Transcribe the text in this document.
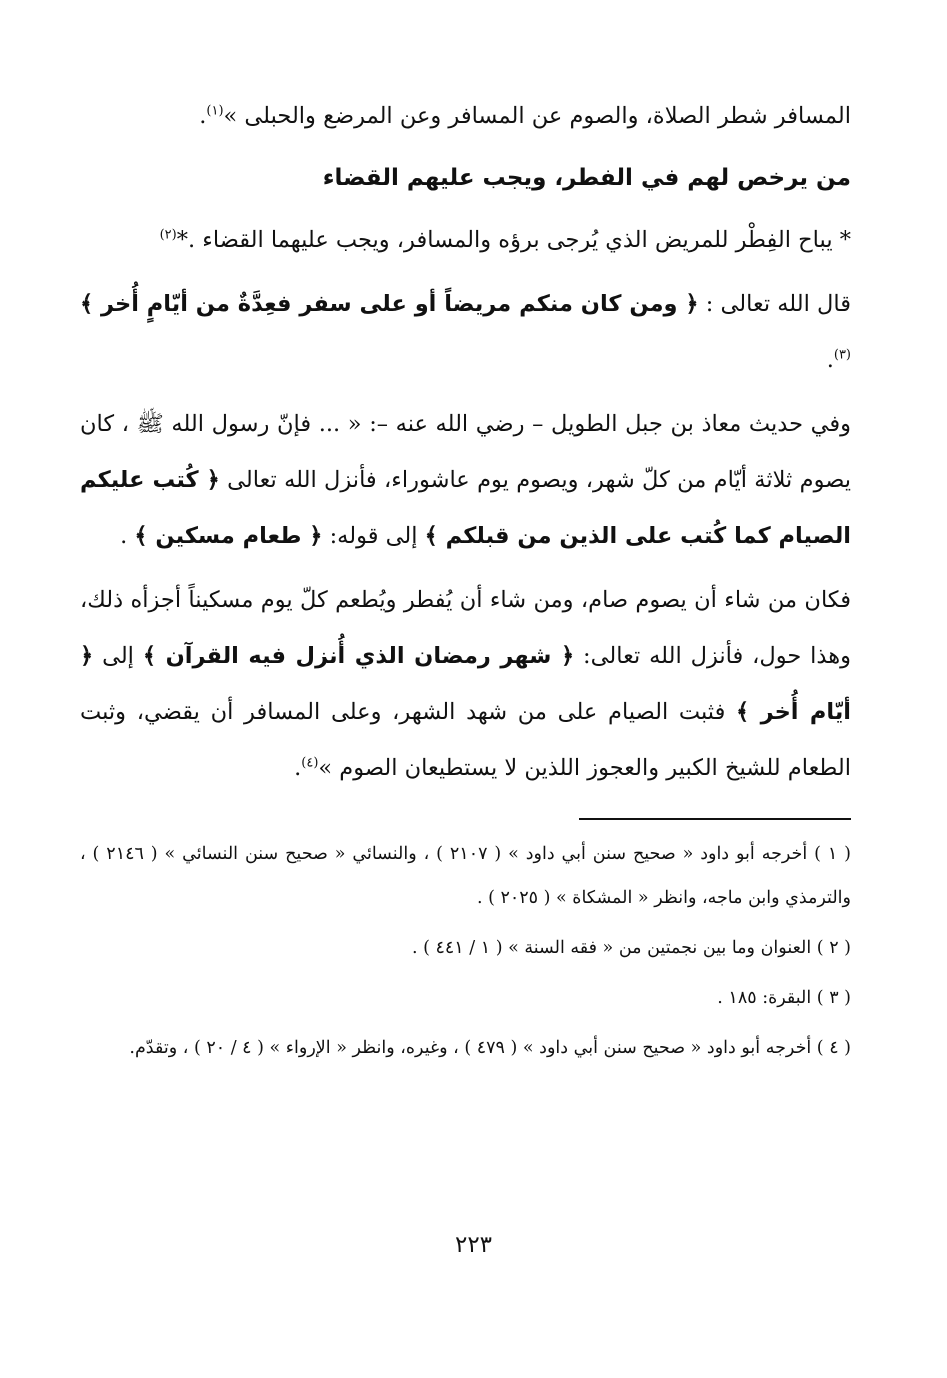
المسافر شطر الصلاة، والصوم عن المسافر وعن المرضع والحبلى »$^{(١)}$.

من يرخص لهم في الفطر، ويجب عليهم القضاء

* يباح الفِطْر للمريض الذي يُرجى برؤه والمسافر، ويجب عليهما القضاء .*$^{(٢)}$

قال الله تعالى : ﴿ ومن كان منكم مريضاً أو على سفر فعِدَّةٌ من أيّامٍ أُخر ﴾$^{(٣)}$.

وفي حديث معاذ بن جبل الطويل – رضي الله عنه –: « ... فإنّ رسول الله ﷺ ، كان يصوم ثلاثة أيّام من كلّ شهر، ويصوم يوم عاشوراء، فأنزل الله تعالى ﴿ كُتب عليكم الصيام كما كُتب على الذين من قبلكم ﴾ إلى قوله: ﴿ طعام مسكين ﴾ .

فكان من شاء أن يصوم صام، ومن شاء أن يُفطر ويُطعم كلّ يوم مسكيناً أجزأه ذلك، وهذا حول، فأنزل الله تعالى: ﴿ شهر رمضان الذي أُنزل فيه القرآن ﴾ إلى ﴿ أيّام أُخر ﴾ فثبت الصيام على من شهد الشهر، وعلى المسافر أن يقضي، وثبت الطعام للشيخ الكبير والعجوز اللذين لا يستطيعان الصوم »$^{(٤)}$.

( ١ ) أخرجه أبو داود « صحيح سنن أبي داود » ( ٢١٠٧ ) ، والنسائي « صحيح سنن النسائي » ( ٢١٤٦ ) ، والترمذي وابن ماجه، وانظر « المشكاة » ( ٢٠٢٥ ) .

( ٢ ) العنوان وما بين نجمتين من « فقه السنة » ( ١ / ٤٤١ ) .

( ٣ ) البقرة: ١٨٥ .

( ٤ ) أخرجه أبو داود « صحيح سنن أبي داود » ( ٤٧٩ ) ، وغيره، وانظر « الإرواء » ( ٤ / ٢٠ ) ، وتقدّم.

٢٢٣
